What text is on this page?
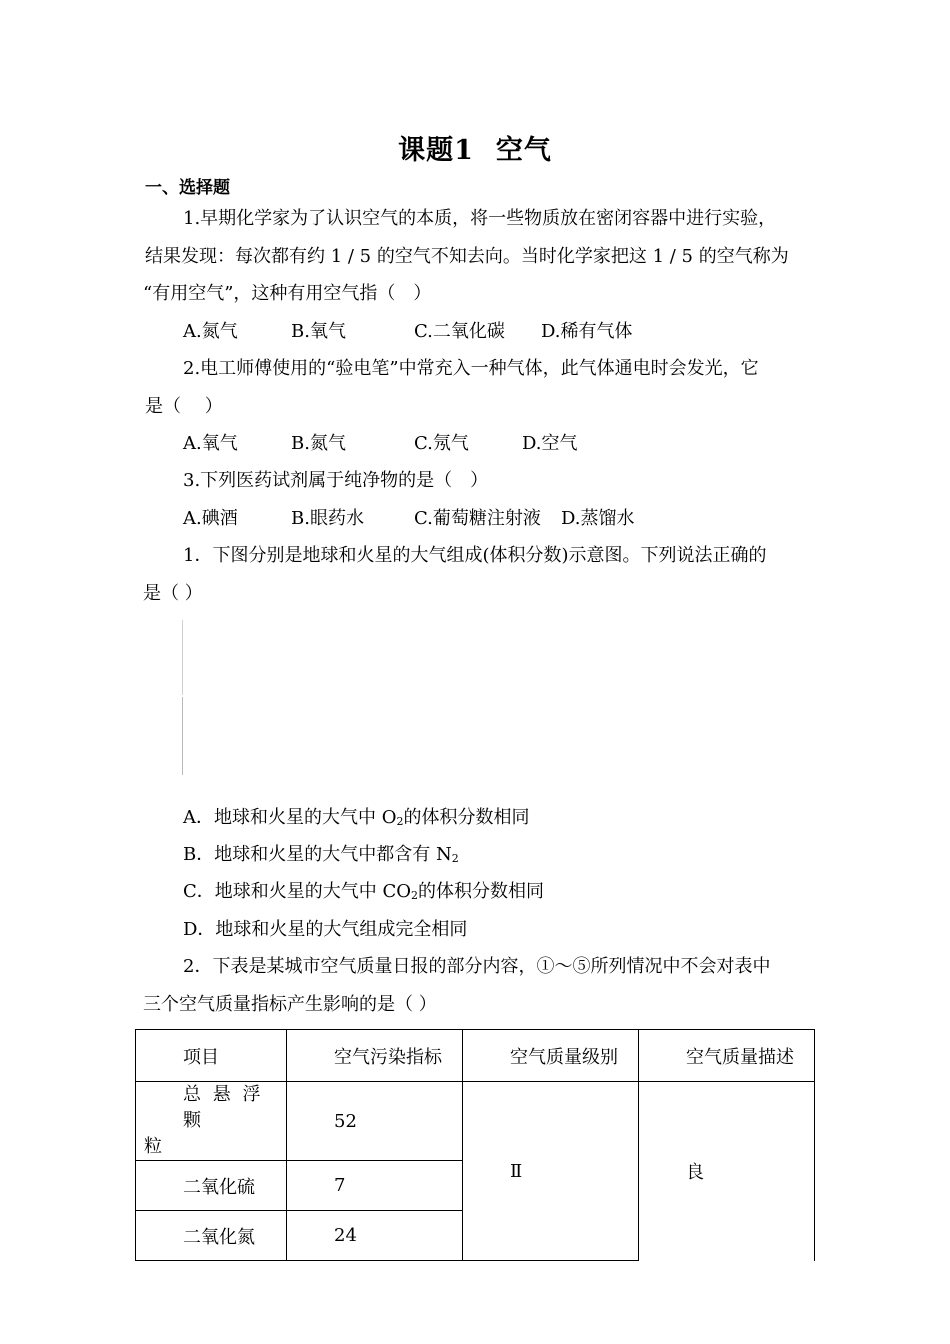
课题1 空气
一、选择题
1.早期化学家为了认识空气的本质，将一些物质放在密闭容器中进行实验，
结果发现：每次都有约 1 / 5 的空气不知去向。当时化学家把这 1 / 5 的空气称为
“有用空气”，这种有用空气指（　）
A.氮气	B.氧气	C.二氧化碳 D.稀有气体
2.电工师傅使用的“验电笔”中常充入一种气体，此气体通电时会发光，它
是（　 ）
A.氧气	B.氮气	C.氖气	D.空气
3.下列医药试剂属于纯净物的是（　）
A.碘酒	B.眼药水	C.葡萄糖注射液 D.蒸馏水
1．下图分别是地球和火星的大气组成(体积分数)示意图。下列说法正确的
是（ ）
A．地球和火星的大气中 $O_2$的体积分数相同
B．地球和火星的大气中都含有 $N_2$
C．地球和火星的大气中 $CO_2$的体积分数相同
D．地球和火星的大气组成完全相同
2．下表是某城市空气质量日报的部分内容，①～⑤所列情况中不会对表中
三个空气质量指标产生影响的是（ ）
项目	空气污染指标	空气质量级别	空气质量描述

总 悬 浮 颗
粒	52	Ⅱ	良

二氧化硫	7		

二氧化氮	24		
